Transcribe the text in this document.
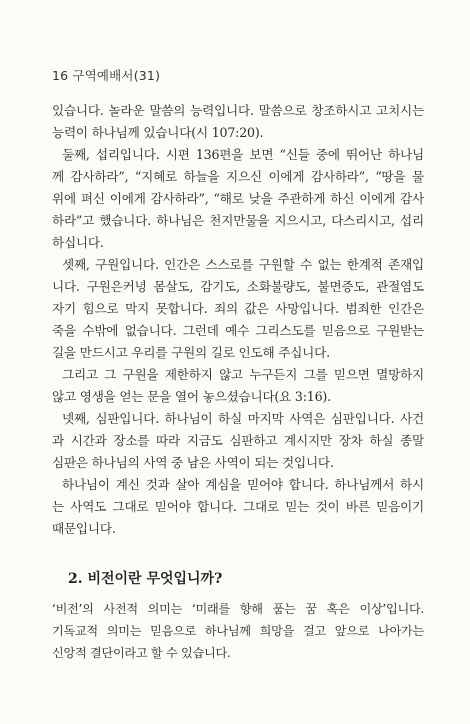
16 구역예배서(31)
있습니다. 놀라운 말씀의 능력입니다. 말씀으로 창조하시고 고치시는
능력이 하나님께 있습니다(시 107:20).
둘째, 섭리입니다. 시편 136편을 보면 “신들 중에 뛰어난 하나님
께 감사하라”, “지혜로 하늘을 지으신 이에게 감사하라”, “땅을 물
위에 펴신 이에게 감사하라”, “해로 낮을 주관하게 하신 이에게 감사
하라”고 했습니다. 하나님은 천지만물을 지으시고, 다스리시고, 섭리
하십니다.
셋째, 구원입니다. 인간은 스스로를 구원할 수 없는 한계적 존재입
니다. 구원은커녕 몸살도, 감기도, 소화불량도, 불면증도, 관절염도
자기 힘으로 막지 못합니다. 죄의 값은 사망입니다. 범죄한 인간은
죽을 수밖에 없습니다. 그런데 예수 그리스도를 믿음으로 구원받는
길을 만드시고 우리를 구원의 길로 인도해 주십니다.
그리고 그 구원을 제한하지 않고 누구든지 그를 믿으면 멸망하지
않고 영생을 얻는 문을 열어 놓으셨습니다(요 3:16).
넷째, 심판입니다. 하나님이 하실 마지막 사역은 심판입니다. 사건
과 시간과 장소를 따라 지금도 심판하고 계시지만 장차 하실 종말
심판은 하나님의 사역 중 남은 사역이 되는 것입니다.
하나님이 계신 것과 살아 계심을 믿어야 합니다. 하나님께서 하시
는 사역도 그대로 믿어야 합니다. 그대로 믿는 것이 바른 믿음이기
때문입니다.
2. 비전이란 무엇입니까?
‘비전’의 사전적 의미는 ‘미래를 향해 품는 꿈 혹은 이상’입니다.
기독교적 의미는 믿음으로 하나님께 희망을 걸고 앞으로 나아가는
신앙적 결단이라고 할 수 있습니다.
